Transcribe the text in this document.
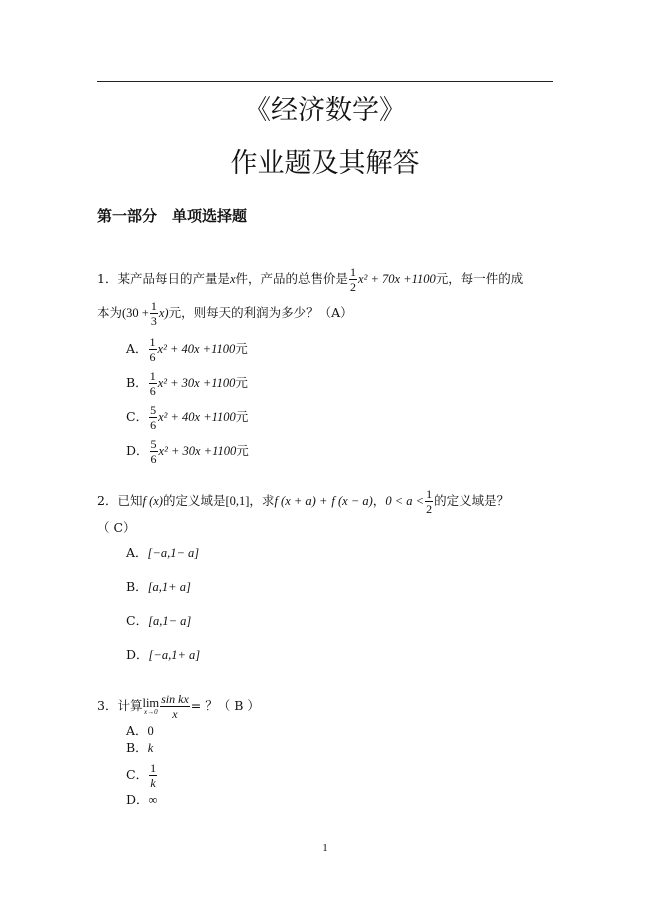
《经济数学》
作业题及其解答
第一部分　单项选择题
1．某产品每日的产量是x件，产品的总售价是 $\frac{1}{2} x^2 + 70x +1100$元，每一件的成
本为$(30 + \frac{1}{3} x)$元，则每天的利润为多少？（A）
A． $\frac{1}{6} x^2 + 40x +1100$元
B． $\frac{1}{6} x^2 + 30x +1100$元
C． $\frac{5}{6} x^2 + 40x +1100$元
D． $\frac{5}{6} x^2 + 30x +1100$元
2．已知f (x)的定义域是[0,1]，求f (x + a) + f (x − a)，$0 < a < \frac{1}{2}$ 的定义域是？
（ C）
A．[−a,1− a]
B．[a,1+ a]
C．[a,1− a]
D．[−a,1+ a]
3．计算lim
$x\to 0 \frac{\text{sin kx}}{x}$ = ？（ B ）
A．0
B．k
C． $\frac{1}{k}$
D．∞
1
